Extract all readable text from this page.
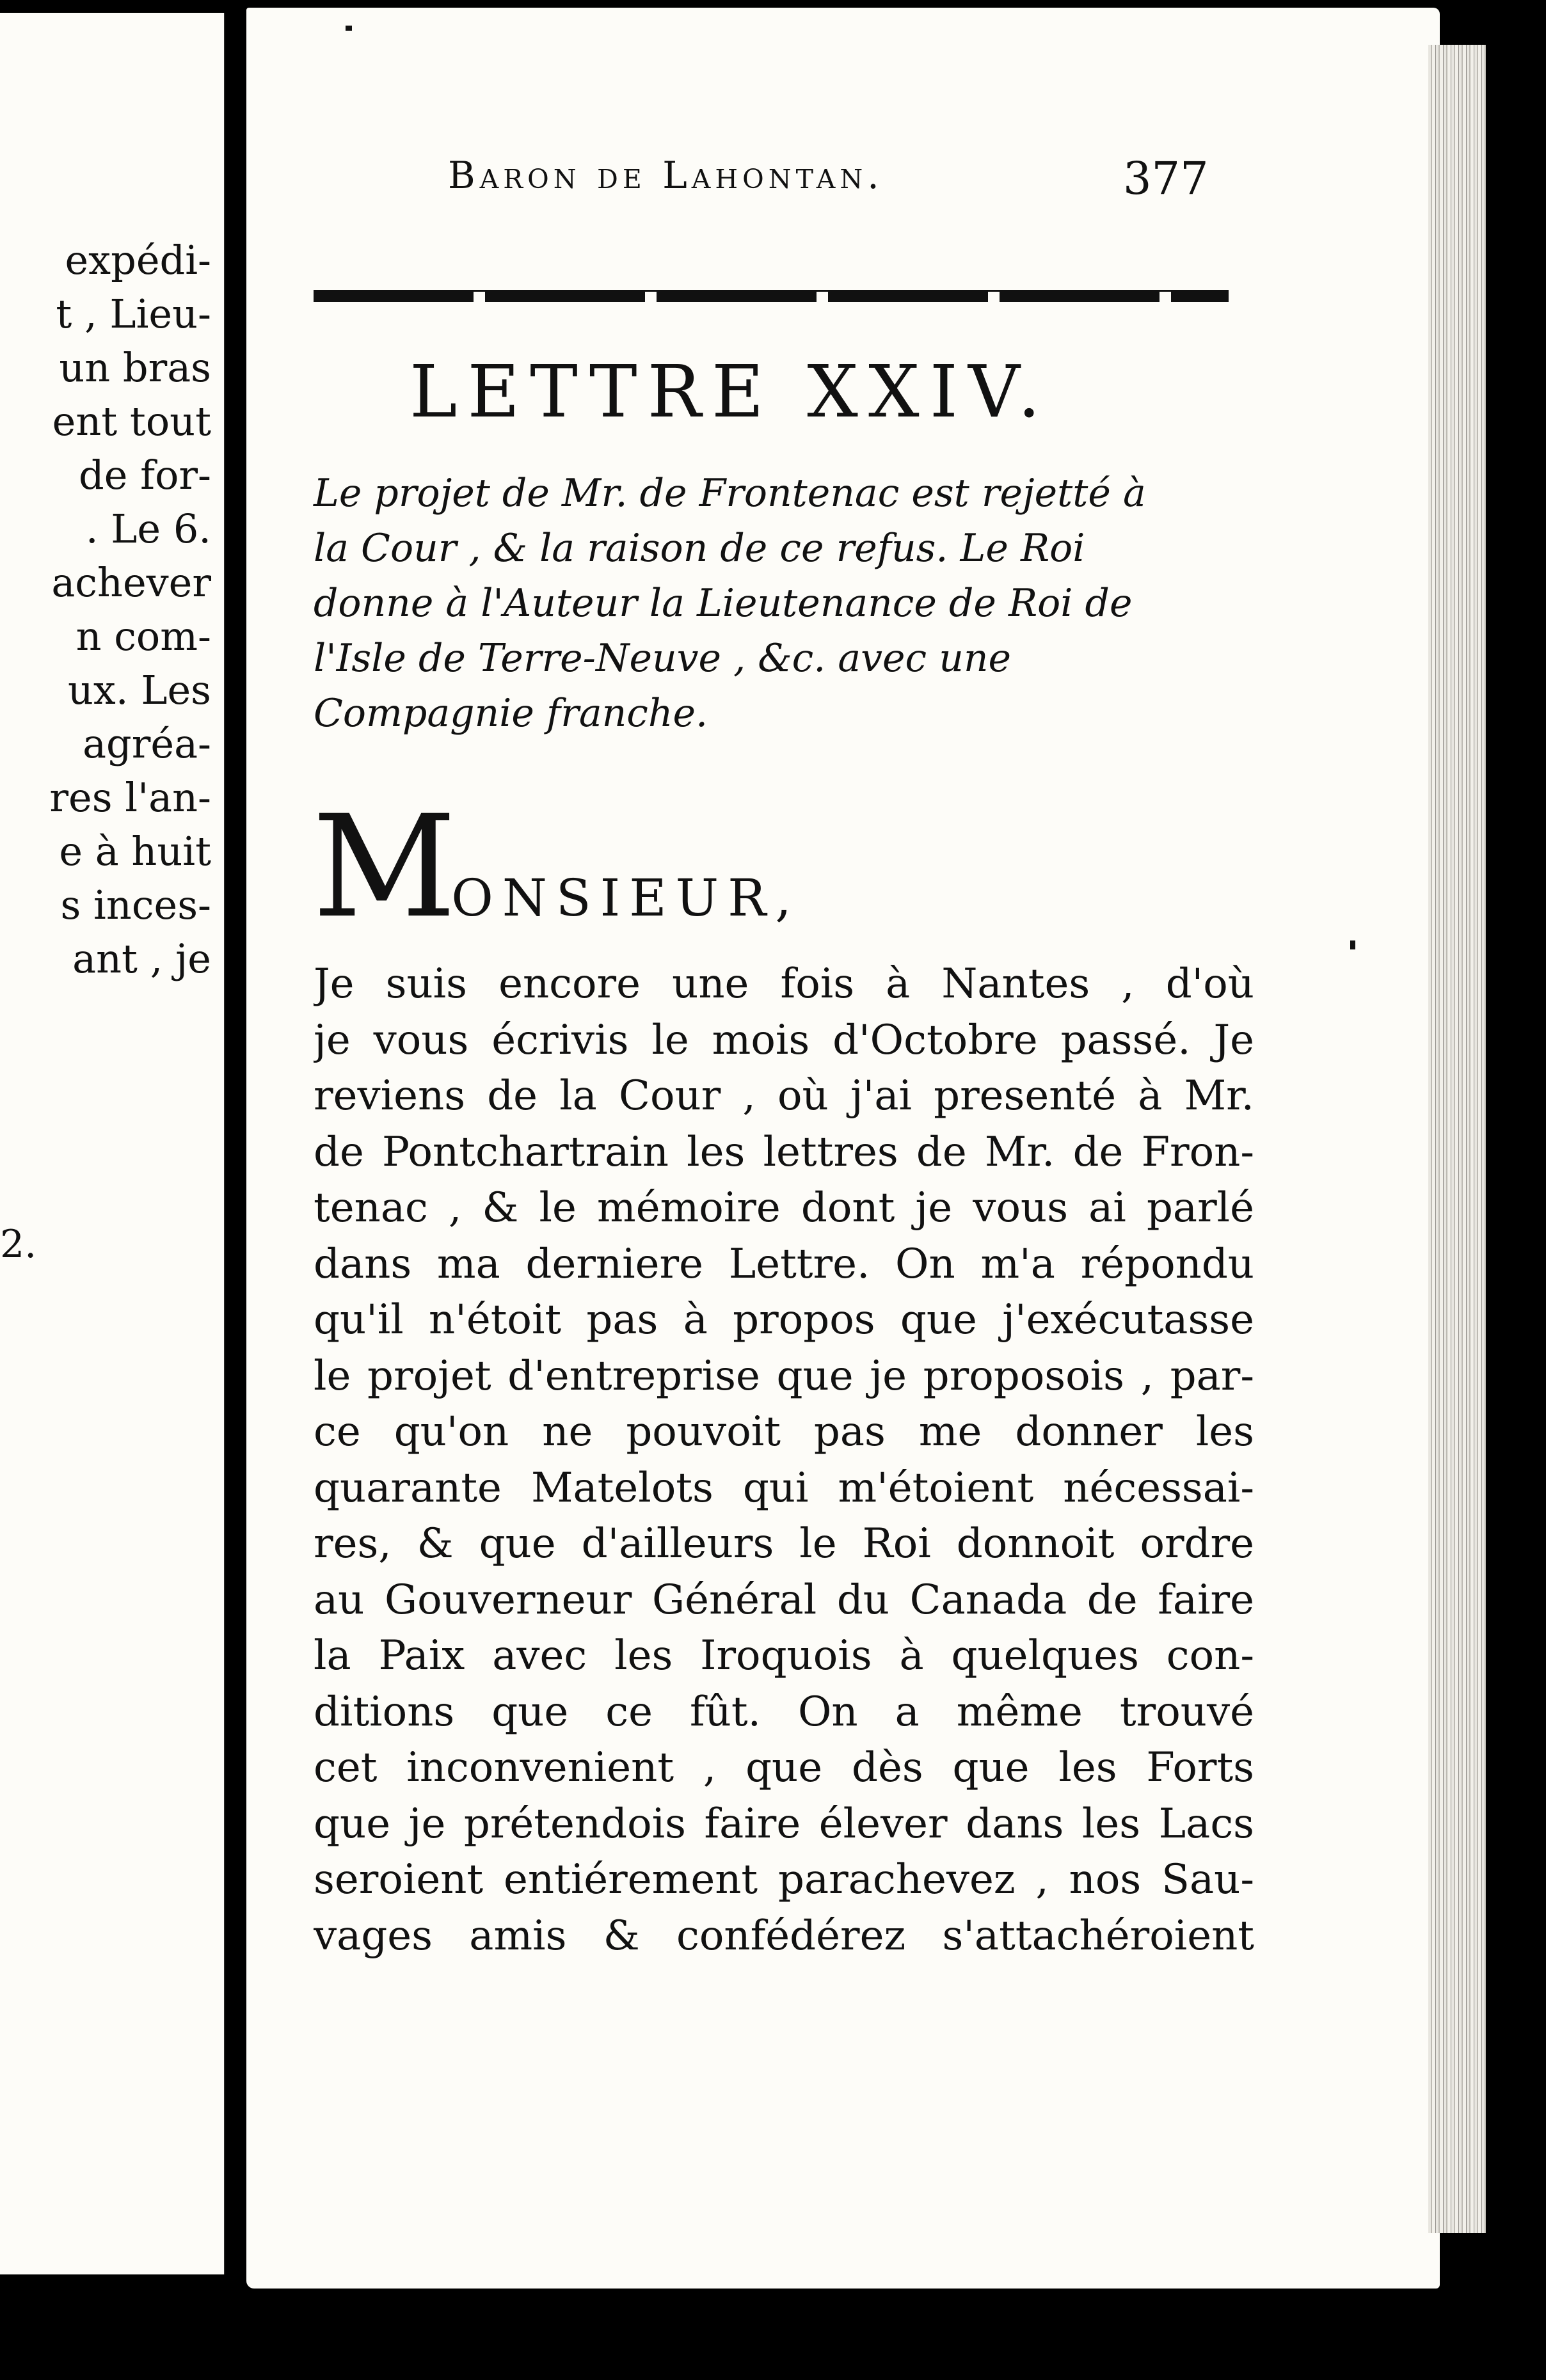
expédi-
t , Lieu-
un bras
ent tout
de for-
. Le 6.
achever
n com-
ux. Les
agréa-
res l'an-
e à huit
s inces-
ant , je
2.
Baron de Lahontan.	377
LETTRE XXIV.
Le projet de Mr. de Frontenac est rejetté à
la Cour , & la raison de ce refus. Le Roi
donne à l'Auteur la Lieutenance de Roi de
l'Isle de Terre-Neuve , &c. avec une
Compagnie franche.
MONSIEUR,
Je suis encore une fois à Nantes , d'où
je vous écrivis le mois d'Octobre passé. Je
reviens de la Cour , où j'ai presenté à Mr.
de Pontchartrain les lettres de Mr. de Fron-
tenac , & le mémoire dont je vous ai parlé
dans ma derniere Lettre. On m'a répondu
qu'il n'étoit pas à propos que j'exécutasse
le projet d'entreprise que je proposois , par-
ce qu'on ne pouvoit pas me donner les
quarante Matelots qui m'étoient nécessai-
res, & que d'ailleurs le Roi donnoit ordre
au Gouverneur Général du Canada de faire
la Paix avec les Iroquois à quelques con-
ditions que ce fût. On a même trouvé
cet inconvenient , que dès que les Forts
que je prétendois faire élever dans les Lacs
seroient entiérement parachevez , nos Sau-
vages amis & confédérez s'attachéroient
